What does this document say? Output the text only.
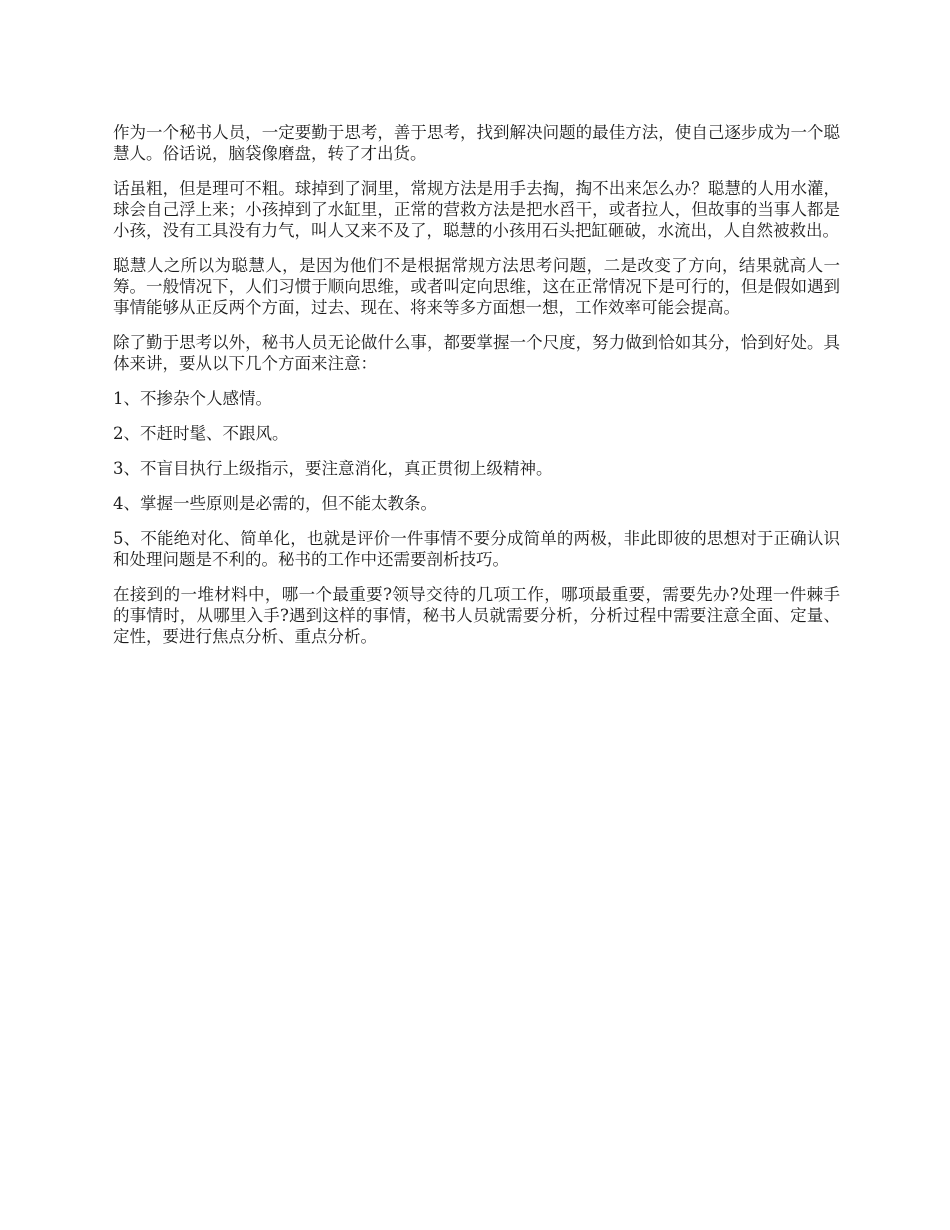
作为一个秘书人员，一定要勤于思考，善于思考，找到解决问题的最佳方法，使自己逐步成为一个聪慧人。俗话说，脑袋像磨盘，转了才出货。

话虽粗，但是理可不粗。球掉到了洞里，常规方法是用手去掏，掏不出来怎么办？聪慧的人用水灌，球会自己浮上来；小孩掉到了水缸里，正常的营救方法是把水舀干，或者拉人，但故事的当事人都是小孩，没有工具没有力气，叫人又来不及了，聪慧的小孩用石头把缸砸破，水流出，人自然被救出。

聪慧人之所以为聪慧人，是因为他们不是根据常规方法思考问题，二是改变了方向，结果就高人一筹。一般情况下，人们习惯于顺向思维，或者叫定向思维，这在正常情况下是可行的，但是假如遇到事情能够从正反两个方面，过去、现在、将来等多方面想一想，工作效率可能会提高。

除了勤于思考以外，秘书人员无论做什么事，都要掌握一个尺度，努力做到恰如其分，恰到好处。具体来讲，要从以下几个方面来注意：

1、不掺杂个人感情。

2、不赶时髦、不跟风。

3、不盲目执行上级指示，要注意消化，真正贯彻上级精神。

4、掌握一些原则是必需的，但不能太教条。

5、不能绝对化、简单化，也就是评价一件事情不要分成简单的两极，非此即彼的思想对于正确认识和处理问题是不利的。秘书的工作中还需要剖析技巧。

在接到的一堆材料中，哪一个最重要?领导交待的几项工作，哪项最重要，需要先办?处理一件棘手的事情时，从哪里入手?遇到这样的事情，秘书人员就需要分析，分析过程中需要注意全面、定量、定性，要进行焦点分析、重点分析。
